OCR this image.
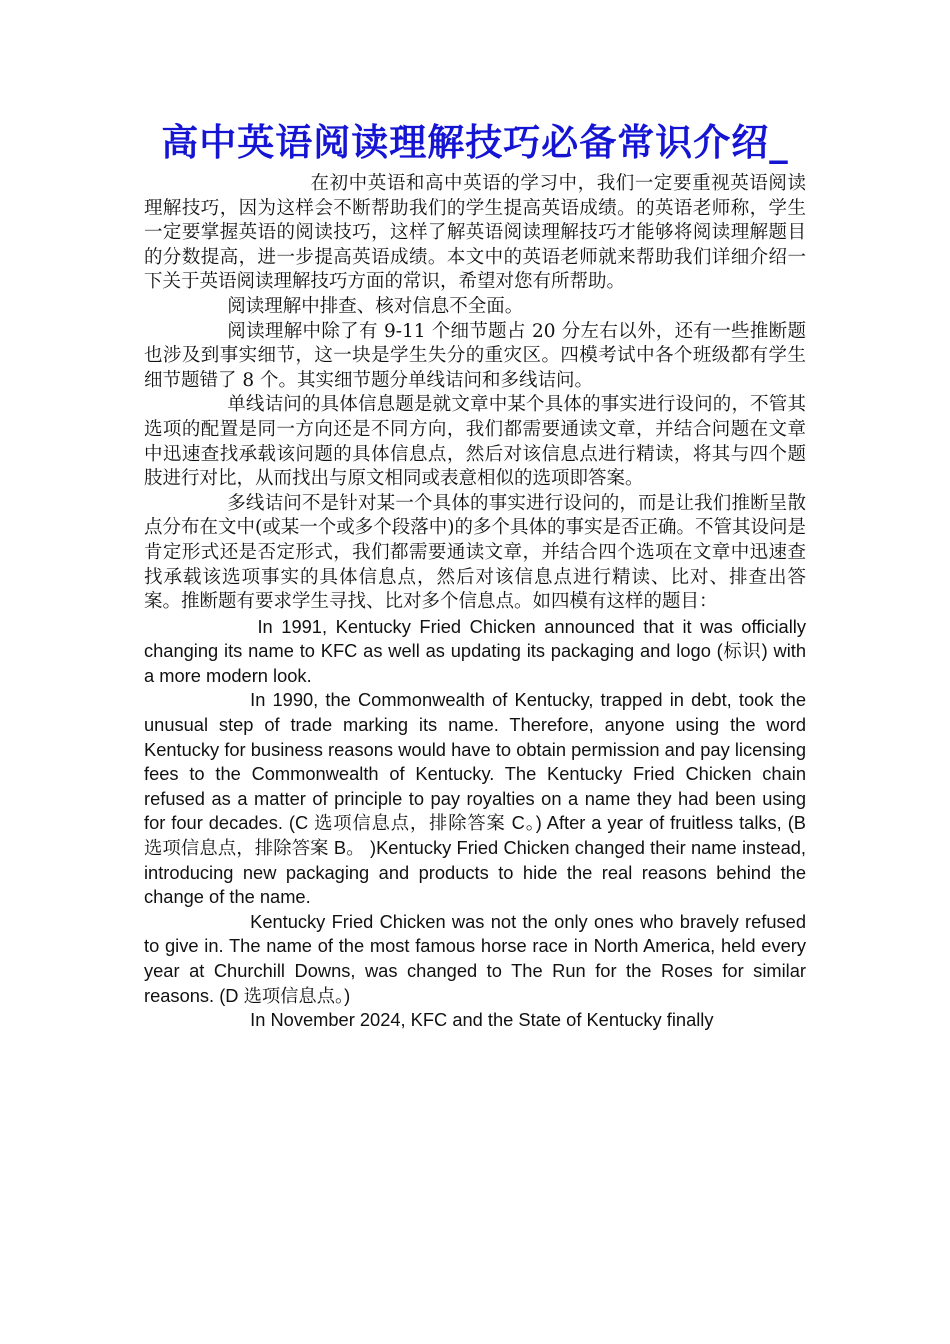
高中英语阅读理解技巧必备常识介绍_

在初中英语和高中英语的学习中，我们一定要重视英语阅读理解技巧，因为这样会不断帮助我们的学生提高英语成绩。的英语老师称，学生一定要掌握英语的阅读技巧，这样了解英语阅读理解技巧才能够将阅读理解题目的分数提高，进一步提高英语成绩。本文中的英语老师就来帮助我们详细介绍一下关于英语阅读理解技巧方面的常识，希望对您有所帮助。

阅读理解中排查、核对信息不全面。

阅读理解中除了有 9-11 个细节题占 20 分左右以外，还有一些推断题也涉及到事实细节，这一块是学生失分的重灾区。四模考试中各个班级都有学生细节题错了 8 个。其实细节题分单线诘问和多线诘问。

单线诘问的具体信息题是就文章中某个具体的事实进行设问的，不管其选项的配置是同一方向还是不同方向，我们都需要通读文章，并结合问题在文章中迅速查找承载该问题的具体信息点，然后对该信息点进行精读，将其与四个题肢进行对比，从而找出与原文相同或表意相似的选项即答案。

多线诘问不是针对某一个具体的事实进行设问的，而是让我们推断呈散点分布在文中(或某一个或多个段落中)的多个具体的事实是否正确。不管其设问是肯定形式还是否定形式，我们都需要通读文章，并结合四个选项在文章中迅速查找承载该选项事实的具体信息点，然后对该信息点进行精读、比对、排查出答案。推断题有要求学生寻找、比对多个信息点。如四模有这样的题目：

In 1991, Kentucky Fried Chicken announced that it was officially changing its name to KFC as well as updating its packaging and logo (标识) with a more modern look.

In 1990, the Commonwealth of Kentucky, trapped in debt, took the unusual step of trade marking its name. Therefore, anyone using the word Kentucky for business reasons would have to obtain permission and pay licensing fees to the Commonwealth of Kentucky. The Kentucky Fried Chicken chain refused as a matter of principle to pay royalties on a name they had been using for four decades. (C 选项信息点，排除答案 C。) After a year of fruitless talks, (B 选项信息点，排除答案 B。 )Kentucky Fried Chicken changed their name instead, introducing new packaging and products to hide the real reasons behind the change of the name.

Kentucky Fried Chicken was not the only ones who bravely refused to give in. The name of the most famous horse race in North America, held every year at Churchill Downs, was changed to The Run for the Roses for similar reasons. (D 选项信息点。)

In November 2024, KFC and the State of Kentucky finally
